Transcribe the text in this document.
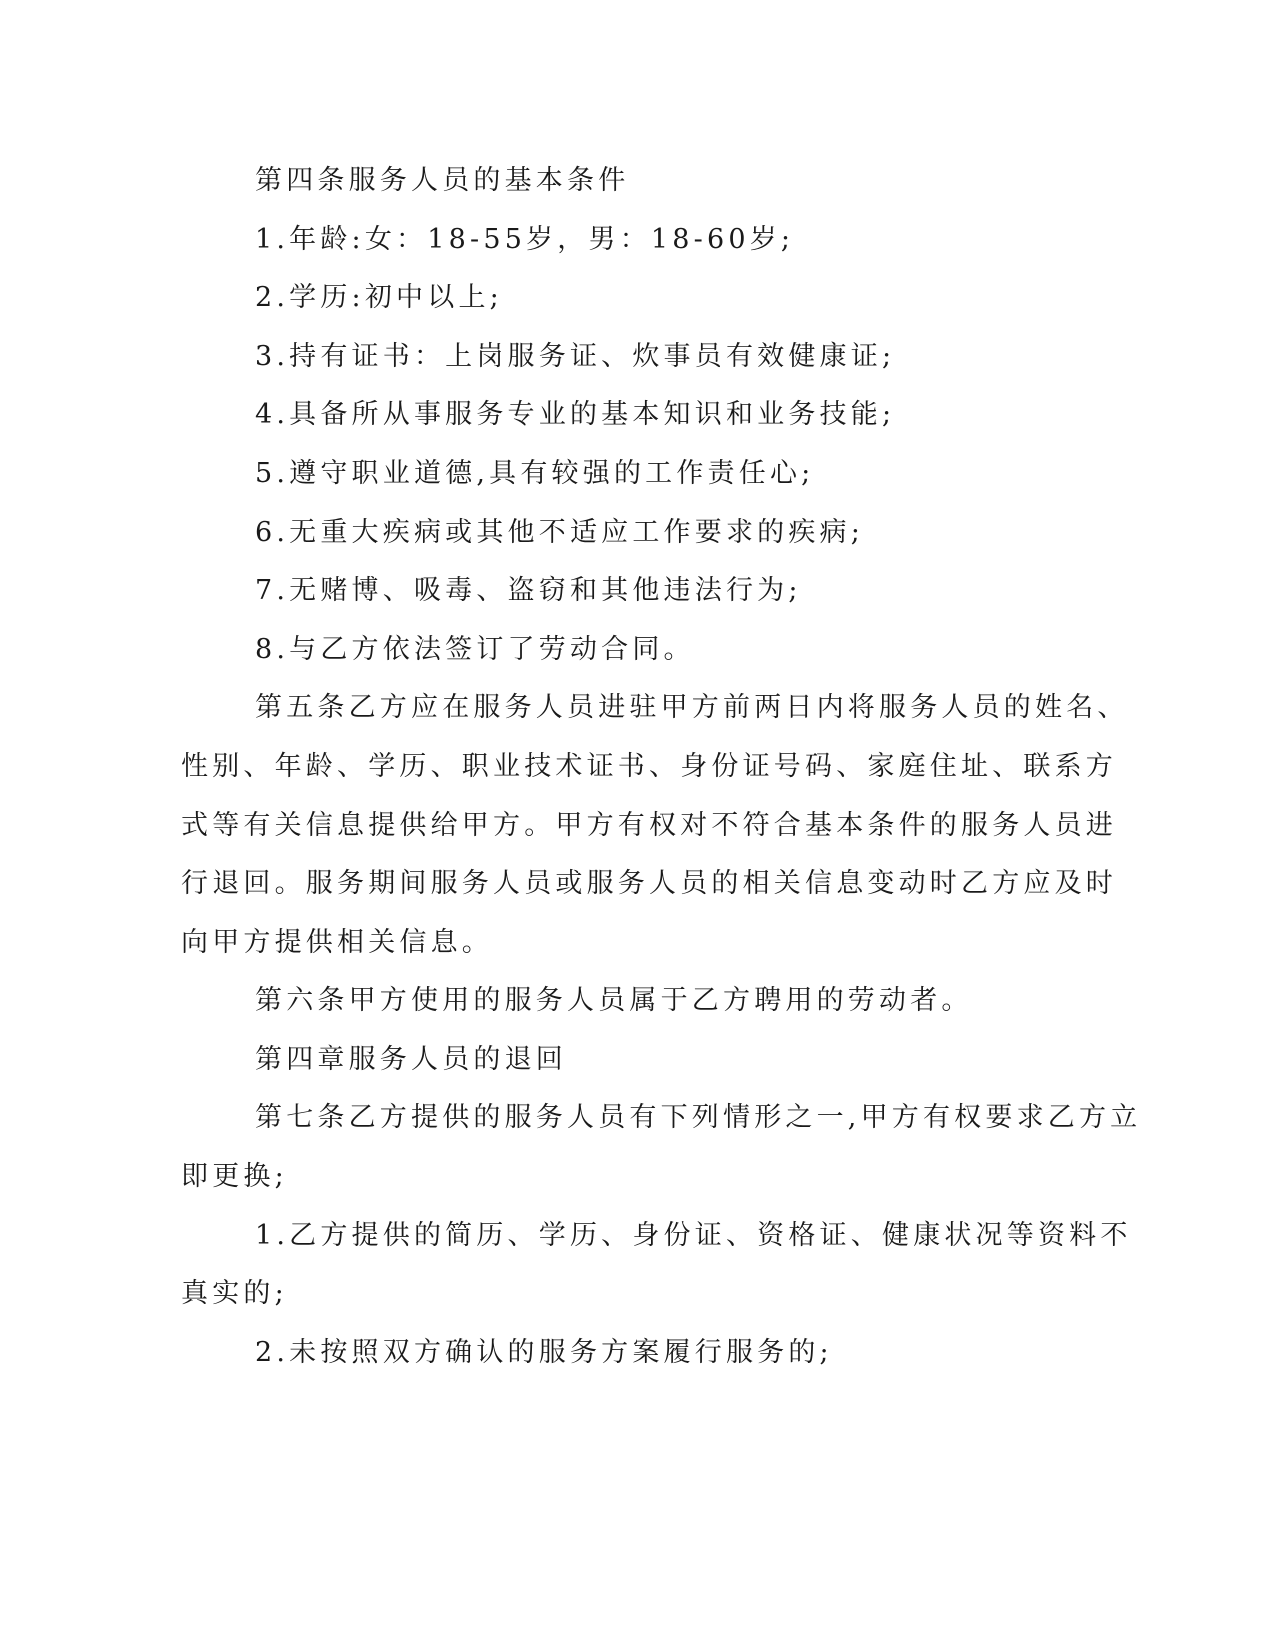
第四条服务人员的基本条件

1.年龄:女：18-55岁，男：18-60岁;

2.学历:初中以上;

3.持有证书：上岗服务证、炊事员有效健康证;

4.具备所从事服务专业的基本知识和业务技能;

5.遵守职业道德,具有较强的工作责任心;

6.无重大疾病或其他不适应工作要求的疾病;

7.无赌博、吸毒、盗窃和其他违法行为;

8.与乙方依法签订了劳动合同。

第五条乙方应在服务人员进驻甲方前两日内将服务人员的姓名、

性别、年龄、学历、职业技术证书、身份证号码、家庭住址、联系方

式等有关信息提供给甲方。甲方有权对不符合基本条件的服务人员进

行退回。服务期间服务人员或服务人员的相关信息变动时乙方应及时

向甲方提供相关信息。

第六条甲方使用的服务人员属于乙方聘用的劳动者。

第四章服务人员的退回

第七条乙方提供的服务人员有下列情形之一,甲方有权要求乙方立

即更换;

1.乙方提供的简历、学历、身份证、资格证、健康状况等资料不

真实的;

2.未按照双方确认的服务方案履行服务的;
